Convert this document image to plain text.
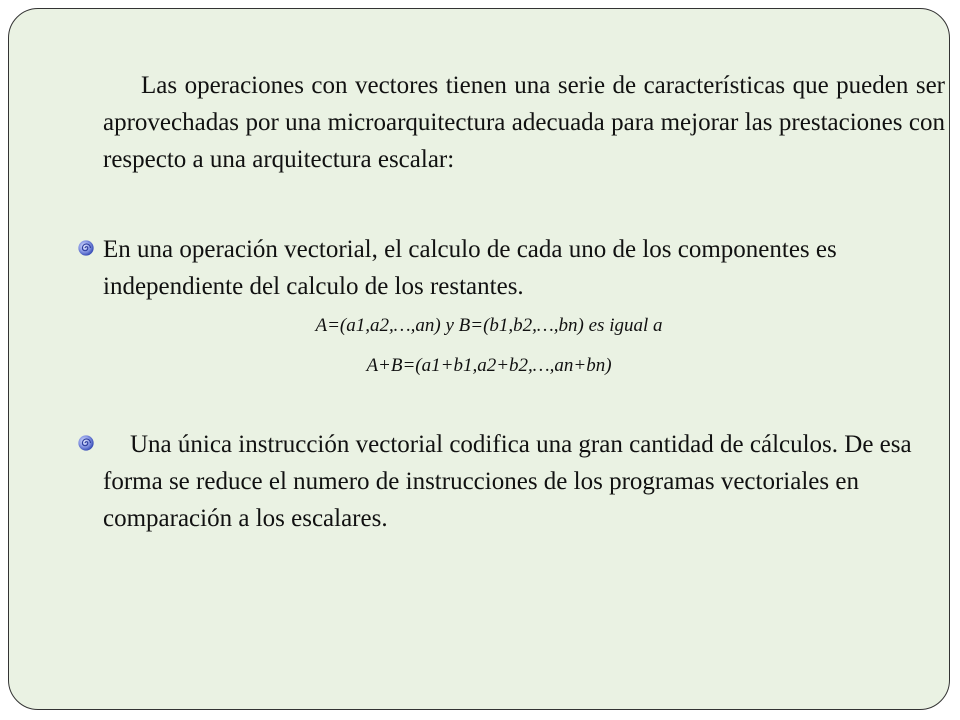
Las operaciones con vectores tienen una serie de características que pueden ser aprovechadas por una microarquitectura adecuada para mejorar las prestaciones con respecto a una arquitectura escalar:
En una operación vectorial, el calculo de cada uno de los componentes es independiente del calculo de los restantes.
A=(a1,a2,…,an) y B=(b1,b2,…,bn) es igual a
A+B=(a1+b1,a2+b2,…,an+bn)
Una única instrucción vectorial codifica una gran cantidad de cálculos. De esa forma se reduce el numero de instrucciones de los programas vectoriales en comparación a los escalares.
